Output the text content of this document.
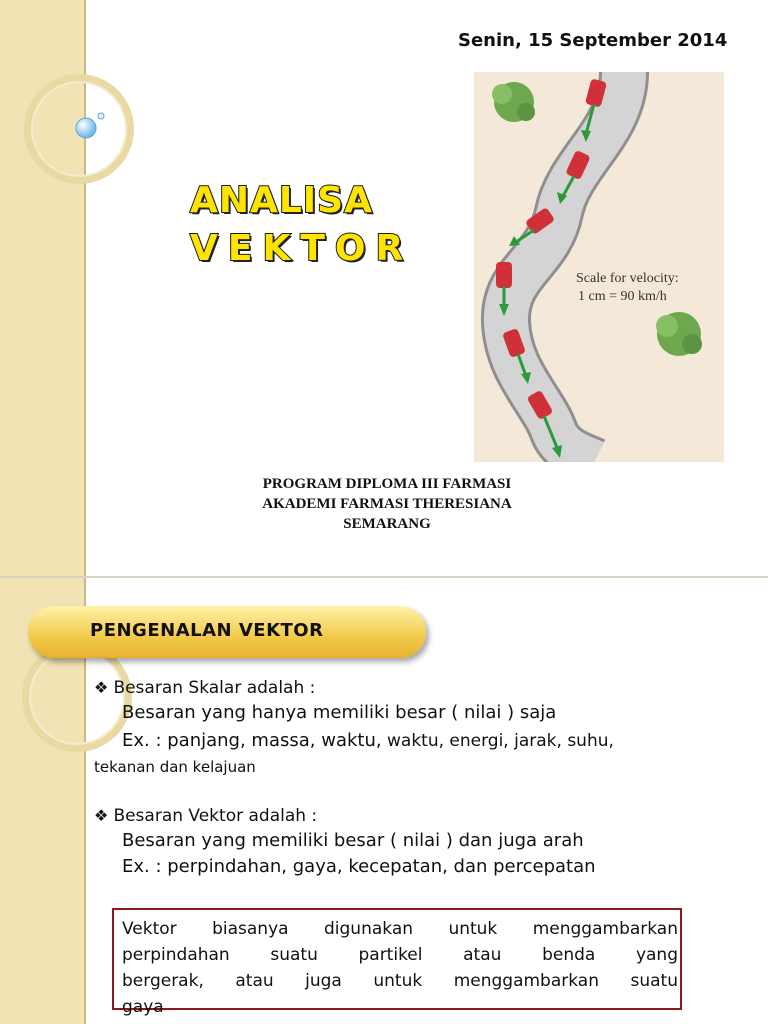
Senin, 15 September 2014
ANALISA
VEKTOR
Scale for velocity:
1 cm = 90 km/h
PROGRAM DIPLOMA III FARMASI
AKADEMI FARMASI THERESIANA
SEMARANG
PENGENALAN VEKTOR
❖ Besaran Skalar adalah :
Besaran yang hanya memiliki besar ( nilai ) saja
Ex. : panjang, massa, waktu, waktu, energi, jarak, suhu,
tekanan dan kelajuan
❖ Besaran Vektor adalah :
Besaran yang memiliki besar ( nilai ) dan juga arah
Ex. : perpindahan, gaya, kecepatan, dan percepatan
Vektor biasanya digunakan untuk menggambarkan
perpindahan suatu partikel atau benda yang
bergerak, atau juga untuk menggambarkan suatu
gaya
